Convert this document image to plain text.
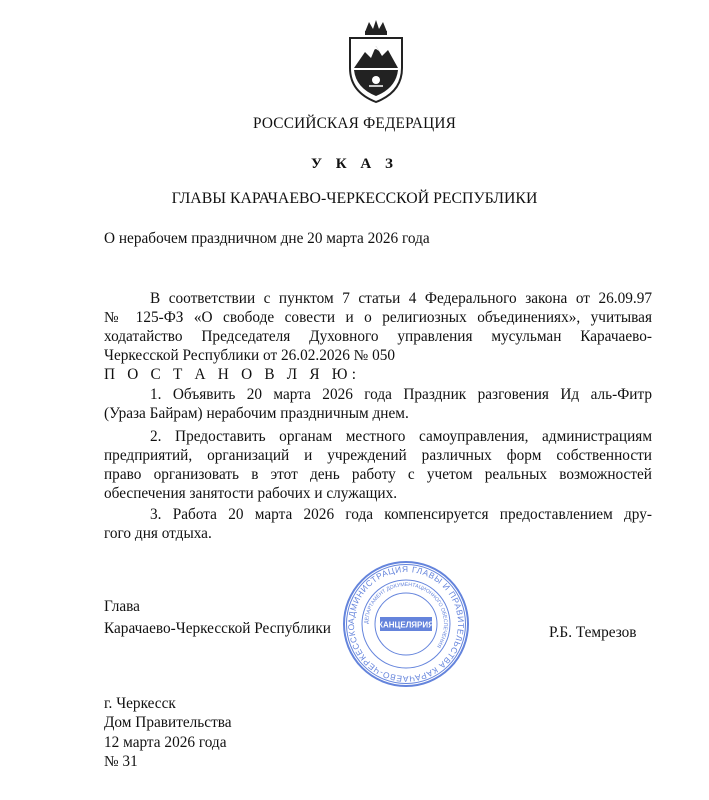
РОССИЙСКАЯ ФЕДЕРАЦИЯ
У К А З
ГЛАВЫ КАРАЧАЕВО-ЧЕРКЕССКОЙ РЕСПУБЛИКИ
О нерабочем праздничном дне 20 марта 2026 года
В соответствии с пунктом 7 статьи 4 Федерального закона от 26.09.97
№ 125-ФЗ «О свободе совести и о религиозных объединениях», учитывая
ходатайство Председателя Духовного управления мусульман Карачаево-
Черкесской Республики от 26.02.2026 № 050
П О С Т А Н О В Л Я Ю:
1. Объявить 20 марта 2026 года Праздник разговения Ид аль-Фитр
(Ураза Байрам) нерабочим праздничным днем.
2. Предоставить органам местного самоуправления, администрациям
предприятий, организаций и учреждений различных форм собственности
право организовать в этот день работу с учетом реальных возможностей
обеспечения занятости рабочих и служащих.
3. Работа 20 марта 2026 года компенсируется предоставлением дру-
гого дня отдыха.
АДМИНИСТРАЦИЯ ГЛАВЫ И ПРАВИТЕЛЬСТВА КАРАЧАЕВО-ЧЕРКЕССКО
ДЕПАРТАМЕНТ ДОКУМЕНТАЦИОННОГО ОБЕСПЕЧЕНИЯ
КАНЦЕЛЯРИЯ
Глава
Карачаево-Черкесской Республики	Р.Б. Темрезов
г. Черкесск
Дом Правительства
12 марта 2026 года
№ 31
